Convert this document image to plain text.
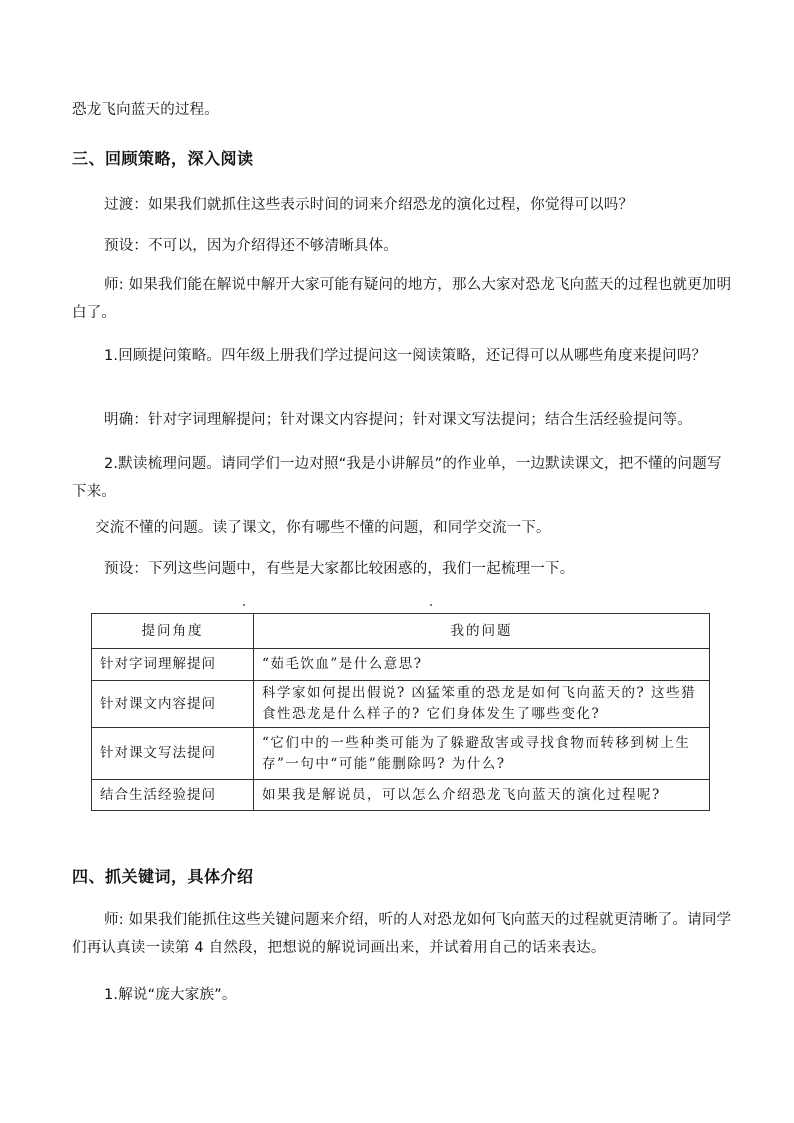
恐龙飞向蓝天的过程。
三、回顾策略，深入阅读
过渡：如果我们就抓住这些表示时间的词来介绍恐龙的演化过程，你觉得可以吗？
预设：不可以，因为介绍得还不够清晰具体。
师: 如果我们能在解说中解开大家可能有疑问的地方，那么大家对恐龙飞向蓝天的过程也就更加明白了。
1.回顾提问策略。四年级上册我们学过提问这一阅读策略，还记得可以从哪些角度来提问吗？
明确：针对字词理解提问；针对课文内容提问；针对课文写法提问；结合生活经验提问等。
2.默读梳理问题。请同学们一边对照“我是小讲解员”的作业单，一边默读课文，把不懂的问题写下来。
交流不懂的问题。读了课文，你有哪些不懂的问题，和同学交流一下。
预设：下列这些问题中，有些是大家都比较困惑的，我们一起梳理一下。
提问角度	我的问题
针对字词理解提问	“茹毛饮血”是什么意思?
针对课文内容提问	科学家如何提出假说? 凶猛笨重的恐龙是如何飞向蓝天的? 这些猎食性恐龙是什么样子的? 它们身体发生了哪些变化?
针对课文写法提问	“它们中的一些种类可能为了躲避敌害或寻找食物而转移到树上生存”一句中“可能”能删除吗? 为什么?
结合生活经验提问	如果我是解说员，可以怎么介绍恐龙飞向蓝天的演化过程呢?
四、抓关键词，具体介绍
师: 如果我们能抓住这些关键问题来介绍，听的人对恐龙如何飞向蓝天的过程就更清晰了。请同学们再认真读一读第 4 自然段，把想说的解说词画出来，并试着用自己的话来表达。
1.解说“庞大家族”。
